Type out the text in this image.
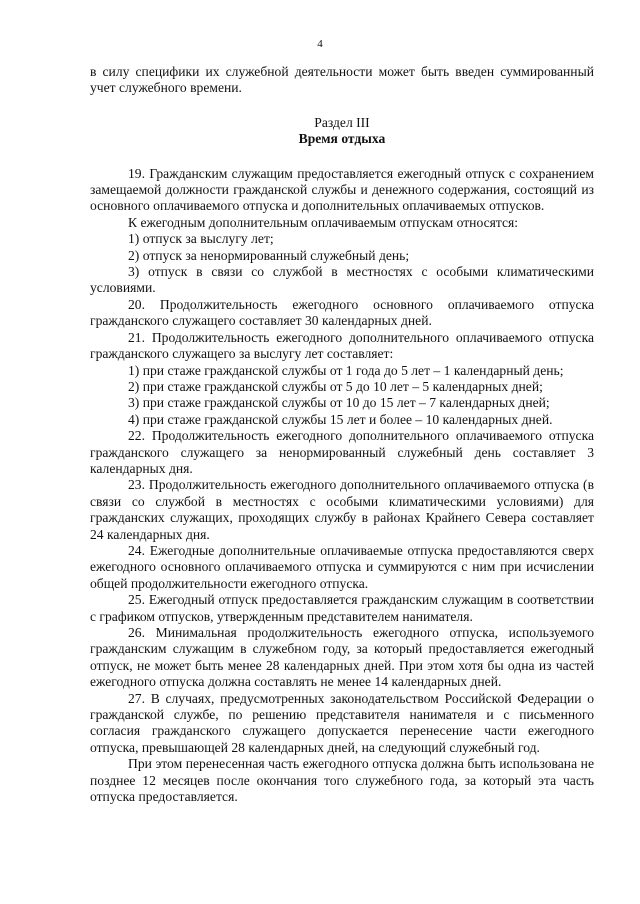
4

в силу специфики их служебной деятельности может быть введен суммированный учет служебного времени.

Раздел III
Время отдыха

19. Гражданским служащим предоставляется ежегодный отпуск с сохранением замещаемой должности гражданской службы и денежного содержания, состоящий из основного оплачиваемого отпуска и дополнительных оплачиваемых отпусков.

К ежегодным дополнительным оплачиваемым отпускам относятся:

1) отпуск за выслугу лет;

2) отпуск за ненормированный служебный день;

3) отпуск в связи со службой в местностях с особыми климатическими условиями.

20. Продолжительность ежегодного основного оплачиваемого отпуска гражданского служащего составляет 30 календарных дней.

21. Продолжительность ежегодного дополнительного оплачиваемого отпуска гражданского служащего за выслугу лет составляет:

1) при стаже гражданской службы от 1 года до 5 лет – 1 календарный день;

2) при стаже гражданской службы от 5 до 10 лет – 5 календарных дней;

3) при стаже гражданской службы от 10 до 15 лет – 7 календарных дней;

4) при стаже гражданской службы 15 лет и более – 10 календарных дней.

22. Продолжительность ежегодного дополнительного оплачиваемого отпуска гражданского служащего за ненормированный служебный день составляет 3 календарных дня.

23. Продолжительность ежегодного дополнительного оплачиваемого отпуска (в связи со службой в местностях с особыми климатическими условиями) для гражданских служащих, проходящих службу в районах Крайнего Севера составляет 24 календарных дня.

24. Ежегодные дополнительные оплачиваемые отпуска предоставляются сверх ежегодного основного оплачиваемого отпуска и суммируются с ним при исчислении общей продолжительности ежегодного отпуска.

25. Ежегодный отпуск предоставляется гражданским служащим в соответствии с графиком отпусков, утвержденным представителем нанимателя.

26. Минимальная продолжительность ежегодного отпуска, используемого гражданским служащим в служебном году, за который предоставляется ежегодный отпуск, не может быть менее 28 календарных дней. При этом хотя бы одна из частей ежегодного отпуска должна составлять не менее 14 календарных дней.

27. В случаях, предусмотренных законодательством Российской Федерации о гражданской службе, по решению представителя нанимателя и с письменного согласия гражданского служащего допускается перенесение части ежегодного отпуска, превышающей 28 календарных дней, на следующий служебный год.

При этом перенесенная часть ежегодного отпуска должна быть использована не позднее 12 месяцев после окончания того служебного года, за который эта часть отпуска предоставляется.
